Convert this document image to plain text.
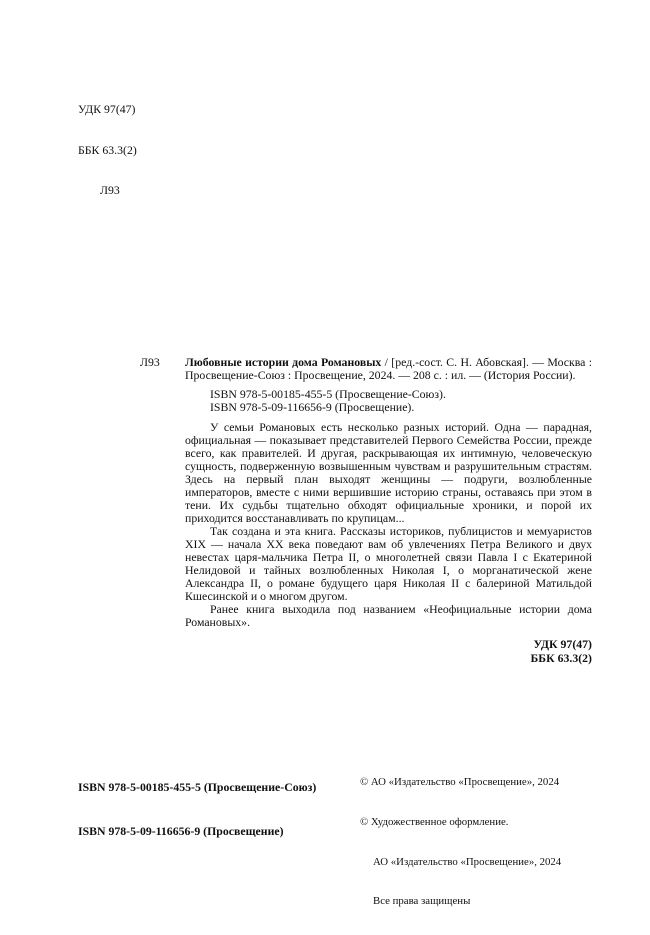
УДК 97(47)

ББК 63.3(2)

Л93

Л93 Любовные истории дома Романовых / [ред.-сост. С. Н. Абовская]. — Москва : Просвещение-Союз : Просвещение, 2024. — 208 с. : ил. — (История России).

ISBN 978-5-00185-455-5 (Просвещение-Союз).
ISBN 978-5-09-116656-9 (Просвещение).

У семьи Романовых есть несколько разных историй. Одна — парадная, официальная — показывает представителей Первого Семейства России, прежде всего, как правителей. И другая, раскрывающая их интимную, человеческую сущность, подверженную возвышенным чувствам и разрушительным страстям. Здесь на первый план выходят женщины — подруги, возлюбленные императоров, вместе с ними вершившие историю страны, оставаясь при этом в тени. Их судьбы тщательно обходят официальные хроники, и порой их приходится восстанавливать по крупицам...

Так создана и эта книга. Рассказы историков, публицистов и мемуаристов XIX — начала XX века поведают вам об увлечениях Петра Великого и двух невестах царя-мальчика Петра II, о многолетней связи Павла I с Екатериной Нелидовой и тайных возлюбленных Николая I, о морганатической жене Александра II, о романе будущего царя Николая II с балериной Матильдой Кшесинской и о многом другом.

Ранее книга выходила под названием «Неофициальные истории дома Романовых».

УДК 97(47)
ББК 63.3(2)

ISBN 978-5-00185-455-5 (Просвещение-Союз)

ISBN 978-5-09-116656-9 (Просвещение)

© АО «Издательство «Просвещение», 2024

© Художественное оформление.

АО «Издательство «Просвещение», 2024

Все права защищены
